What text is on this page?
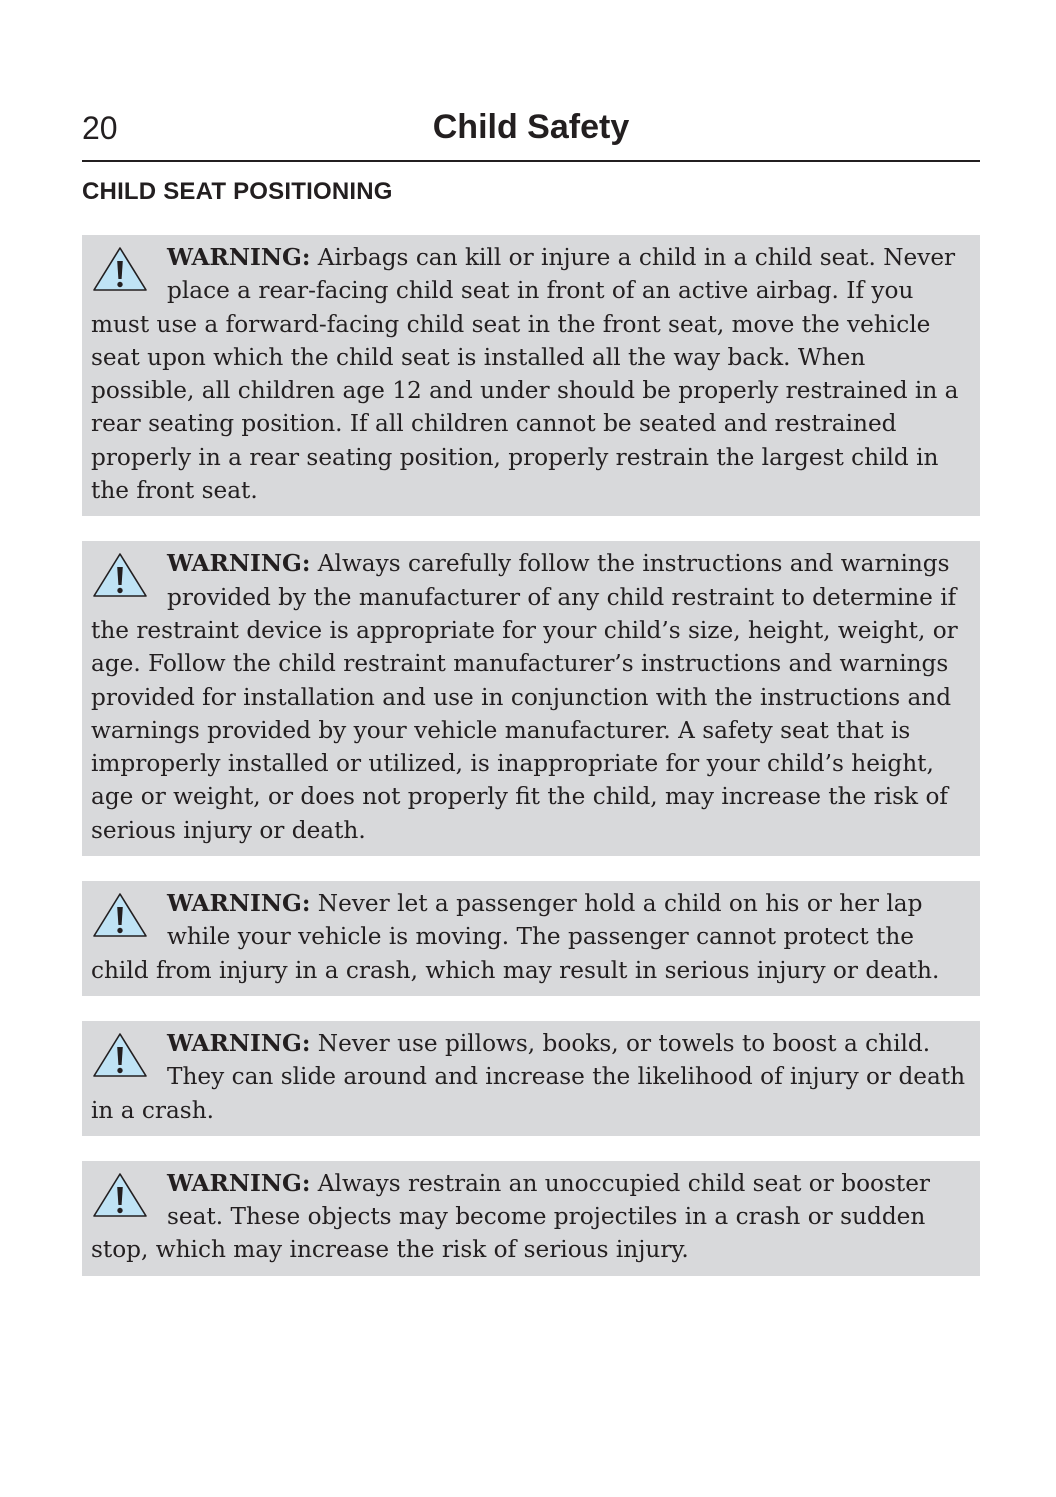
20	Child Safety
CHILD SEAT POSITIONING

WARNING: Airbags can kill or injure a child in a child seat. Never place a rear-facing child seat in front of an active airbag. If you must use a forward-facing child seat in the front seat, move the vehicle seat upon which the child seat is installed all the way back. When possible, all children age 12 and under should be properly restrained in a rear seating position. If all children cannot be seated and restrained properly in a rear seating position, properly restrain the largest child in the front seat.

WARNING: Always carefully follow the instructions and warnings provided by the manufacturer of any child restraint to determine if the restraint device is appropriate for your child’s size, height, weight, or age. Follow the child restraint manufacturer’s instructions and warnings provided for installation and use in conjunction with the instructions and warnings provided by your vehicle manufacturer. A safety seat that is improperly installed or utilized, is inappropriate for your child’s height, age or weight, or does not properly fit the child, may increase the risk of serious injury or death.

WARNING: Never let a passenger hold a child on his or her lap while your vehicle is moving. The passenger cannot protect the child from injury in a crash, which may result in serious injury or death.

WARNING: Never use pillows, books, or towels to boost a child. They can slide around and increase the likelihood of injury or death in a crash.

WARNING: Always restrain an unoccupied child seat or booster seat. These objects may become projectiles in a crash or sudden stop, which may increase the risk of serious injury.
